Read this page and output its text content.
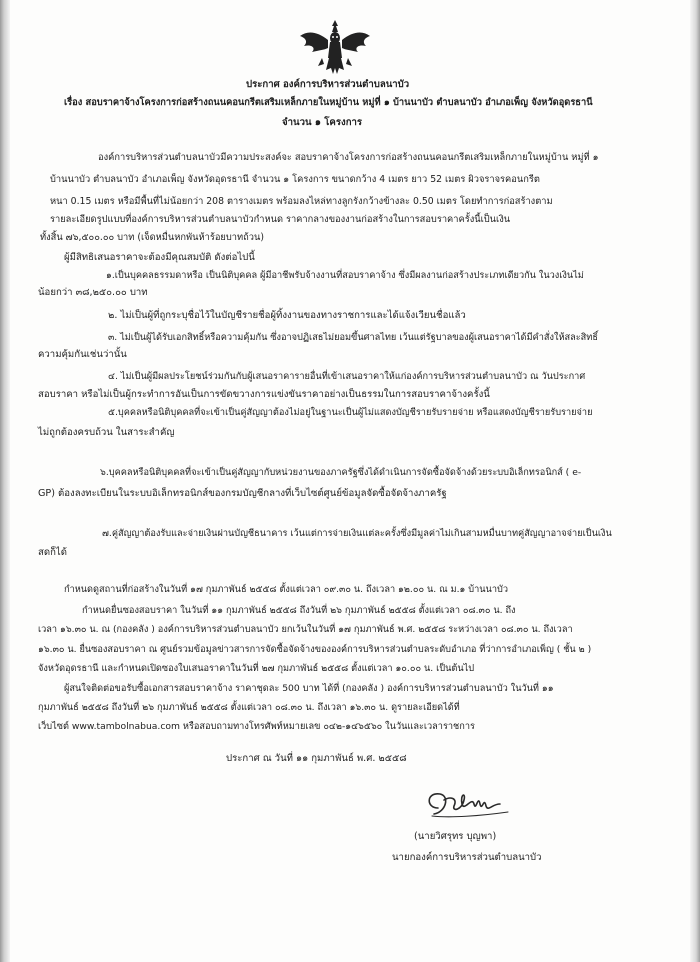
ประกาศ องค์การบริหารส่วนตำบลนาบัว
เรื่อง สอบราคาจ้างโครงการก่อสร้างถนนคอนกรีตเสริมเหล็กภายในหมู่บ้าน หมู่ที่ ๑ บ้านนาบัว ตำบลนาบัว อำเภอเพ็ญ จังหวัดอุดรธานี
จำนวน ๑ โครงการ
องค์การบริหารส่วนตำบลนาบัวมีความประสงค์จะ สอบราคาจ้างโครงการก่อสร้างถนนคอนกรีตเสริมเหล็กภายในหมู่บ้าน หมู่ที่ ๑
บ้านนาบัว ตำบลนาบัว อำเภอเพ็ญ จังหวัดอุดรธานี จำนวน ๑ โครงการ ขนาดกว้าง 4 เมตร ยาว 52 เมตร ผิวจราจรคอนกรีต
หนา 0.15 เมตร หรือมีพื้นที่ไม่น้อยกว่า 208 ตารางเมตร พร้อมลงไหล่ทางลูกรังกว้างข้างละ 0.50 เมตร โดยทำการก่อสร้างตาม
รายละเอียดรูปแบบที่องค์การบริหารส่วนตำบลนาบัวกำหนด ราคากลางของงานก่อสร้างในการสอบราคาครั้งนี้เป็นเงิน
ทั้งสิ้น ๗๖,๕๐๐.๐๐ บาท (เจ็ดหมื่นหกพันห้าร้อยบาทถ้วน)
ผู้มีสิทธิเสนอราคาจะต้องมีคุณสมบัติ ดังต่อไปนี้
๑.เป็นบุคคลธรรมดาหรือ เป็นนิติบุคคล ผู้มีอาชีพรับจ้างงานที่สอบราคาจ้าง ซึ่งมีผลงานก่อสร้างประเภทเดียวกัน ในวงเงินไม่
น้อยกว่า ๓๘,๒๕๐.๐๐ บาท
๒. ไม่เป็นผู้ที่ถูกระบุชื่อไว้ในบัญชีรายชื่อผู้ทิ้งงานของทางราชการและได้แจ้งเวียนชื่อแล้ว
๓. ไม่เป็นผู้ได้รับเอกสิทธิ์หรือความคุ้มกัน ซึ่งอาจปฏิเสธไม่ยอมขึ้นศาลไทย เว้นแต่รัฐบาลของผู้เสนอราคาได้มีคำสั่งให้สละสิทธิ์
ความคุ้มกันเช่นว่านั้น
๔. ไม่เป็นผู้มีผลประโยชน์ร่วมกันกับผู้เสนอราคารายอื่นที่เข้าเสนอราคาให้แก่องค์การบริหารส่วนตำบลนาบัว ณ วันประกาศ
สอบราคา หรือไม่เป็นผู้กระทำการอันเป็นการขัดขวางการแข่งขันราคาอย่างเป็นธรรมในการสอบราคาจ้างครั้งนี้
๕.บุคคลหรือนิติบุคคลที่จะเข้าเป็นคู่สัญญาต้องไม่อยู่ในฐานะเป็นผู้ไม่แสดงบัญชีรายรับรายจ่าย หรือแสดงบัญชีรายรับรายจ่าย
ไม่ถูกต้องครบถ้วน ในสาระสำคัญ
๖.บุคคลหรือนิติบุคคลที่จะเข้าเป็นคู่สัญญากับหน่วยงานของภาครัฐซึ่งได้ดำเนินการจัดซื้อจัดจ้างด้วยระบบอิเล็กทรอนิกส์ ( e-
GP) ต้องลงทะเบียนในระบบอิเล็กทรอนิกส์ของกรมบัญชีกลางที่เว็บไซต์ศูนย์ข้อมูลจัดซื้อจัดจ้างภาครัฐ
๗.คู่สัญญาต้องรับและจ่ายเงินผ่านบัญชีธนาคาร เว้นแต่การจ่ายเงินแต่ละครั้งซึ่งมีมูลค่าไม่เกินสามหมื่นบาทคู่สัญญาอาจจ่ายเป็นเงิน
สดก็ได้
กำหนดดูสถานที่ก่อสร้างในวันที่ ๑๗ กุมภาพันธ์ ๒๕๕๘ ตั้งแต่เวลา ๐๙.๓๐ น. ถึงเวลา ๑๒.๐๐ น. ณ ม.๑ บ้านนาบัว
กำหนดยื่นซองสอบราคา ในวันที่ ๑๑ กุมภาพันธ์ ๒๕๕๘ ถึงวันที่ ๒๖ กุมภาพันธ์ ๒๕๕๘ ตั้งแต่เวลา ๐๘.๓๐ น. ถึง
เวลา ๑๖.๓๐ น. ณ (กองคลัง ) องค์การบริหารส่วนตำบลนาบัว ยกเว้นในวันที่ ๑๗ กุมภาพันธ์ พ.ศ. ๒๕๕๘ ระหว่างเวลา ๐๘.๓๐ น. ถึงเวลา
๑๖.๓๐ น. ยื่นซองสอบราคา ณ ศูนย์รวมข้อมูลข่าวสารการจัดซื้อจัดจ้างขององค์การบริหารส่วนตำบลระดับอำเภอ ที่ว่าการอำเภอเพ็ญ ( ชั้น ๒ )
จังหวัดอุดรธานี และกำหนดเปิดซองใบเสนอราคาในวันที่ ๒๗ กุมภาพันธ์ ๒๕๕๘ ตั้งแต่เวลา ๑๐.๐๐ น. เป็นต้นไป
ผู้สนใจติดต่อขอรับซื้อเอกสารสอบราคาจ้าง ราคาชุดละ 500 บาท ได้ที่ (กองคลัง ) องค์การบริหารส่วนตำบลนาบัว ในวันที่ ๑๑
กุมภาพันธ์ ๒๕๕๘ ถึงวันที่ ๒๖ กุมภาพันธ์ ๒๕๕๘ ตั้งแต่เวลา ๐๘.๓๐ น. ถึงเวลา ๑๖.๓๐ น. ดูรายละเอียดได้ที่
เว็บไซต์ www.tambolnabua.com หรือสอบถามทางโทรศัพท์หมายเลข ๐๔๒-๑๔๖๕๖๐ ในวันและเวลาราชการ
ประกาศ ณ วันที่ ๑๑ กุมภาพันธ์ พ.ศ. ๒๕๕๘
(นายวิศรุทร บุญพา)
นายกองค์การบริหารส่วนตำบลนาบัว
